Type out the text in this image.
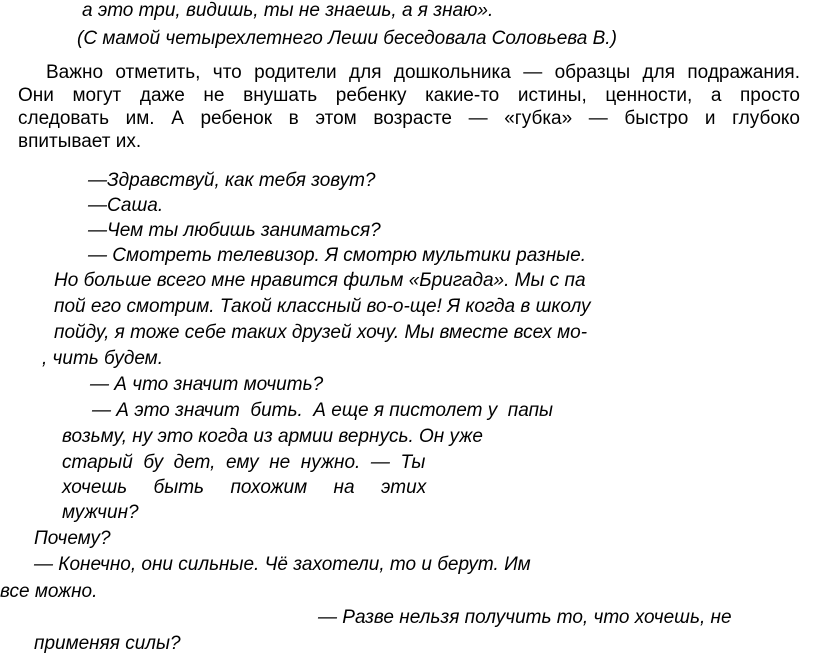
а это три, видишь, ты не знаешь, а я знаю».
(С мамой четырехлетнего Леши беседовала Соловьева В.)
Важно отметить, что родители для дошкольника — образцы для подражания.
Они могут даже не внушать ребенку какие-то истины, ценности, а просто
следовать им. А ребенок в этом возрасте — «губка» — быстро и глубоко
впитывает их.
—Здравствуй, как тебя зовут?
—Саша.
—Чем ты любишь заниматься?
— Смотреть телевизор. Я смотрю мультики разные.
Но больше всего мне нравится фильм «Бригада». Мы с па
пой его смотрим. Такой классный во-о-ще! Я когда в школу
пойду, я тоже себе таких друзей хочу. Мы вместе всех мо-
, чить будем.
— А что значит мочить?
— А это значит  бить.  А еще я пистолет у  папы
возьму, ну это когда из армии вернусь. Он уже
старый  бу  дет,  ему  не  нужно.  —  Ты
хочешь     быть     похожим     на     этих
мужчин?
Почему?
— Конечно, они сильные. Чё захотели, то и берут. Им
все можно.
— Разве нельзя получить то, что хочешь, не
применяя силы?
